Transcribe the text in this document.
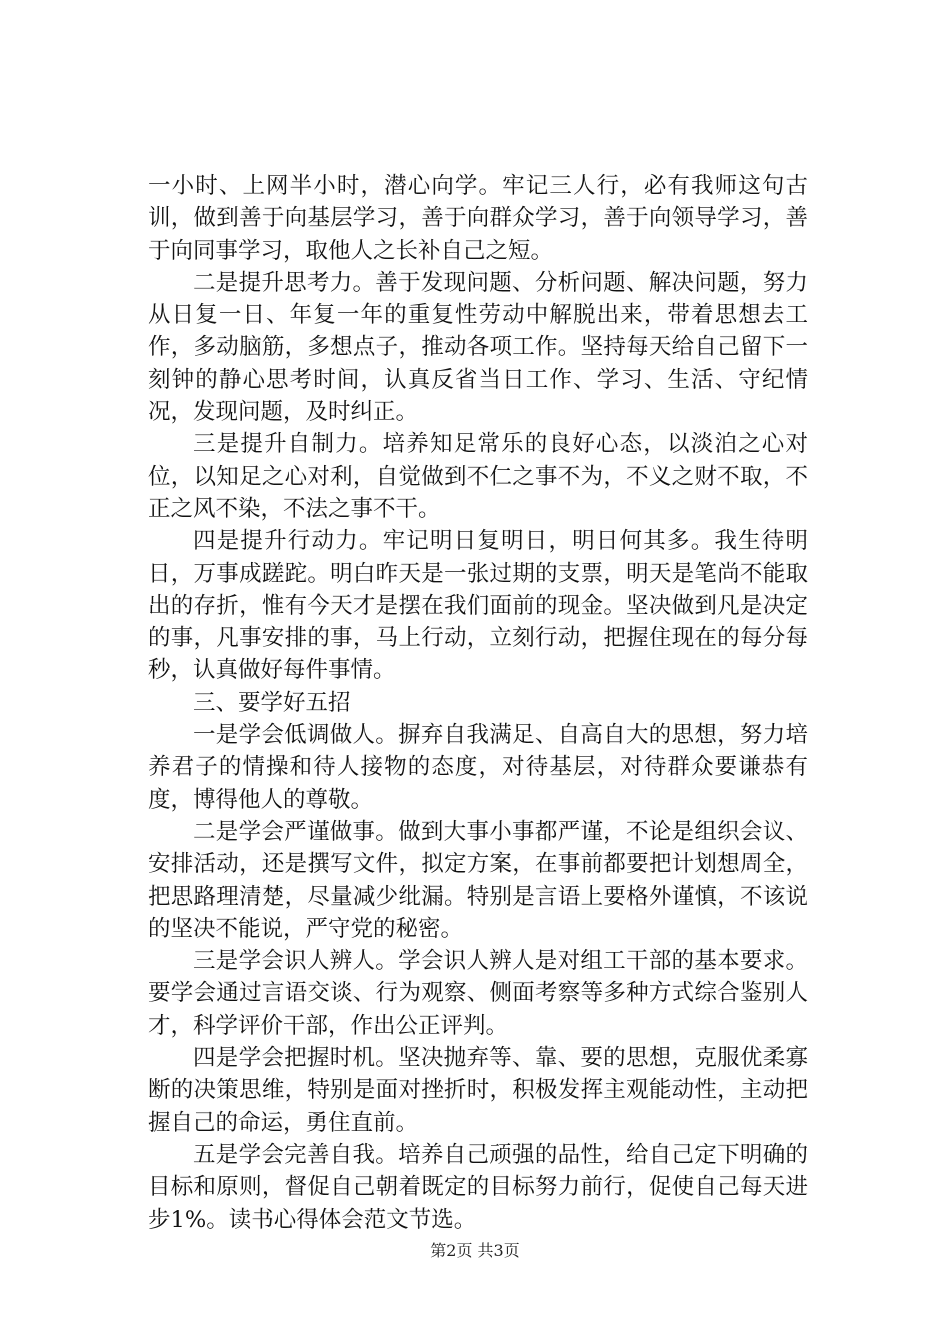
一小时、上网半小时，潜心向学。牢记三人行，必有我师这句古训，做到善于向基层学习，善于向群众学习，善于向领导学习，善于向同事学习，取他人之长补自己之短。

二是提升思考力。善于发现问题、分析问题、解决问题，努力从日复一日、年复一年的重复性劳动中解脱出来，带着思想去工作，多动脑筋，多想点子，推动各项工作。坚持每天给自己留下一刻钟的静心思考时间，认真反省当日工作、学习、生活、守纪情况，发现问题，及时纠正。

三是提升自制力。培养知足常乐的良好心态，以淡泊之心对位，以知足之心对利，自觉做到不仁之事不为，不义之财不取，不正之风不染，不法之事不干。

四是提升行动力。牢记明日复明日，明日何其多。我生待明日，万事成蹉跎。明白昨天是一张过期的支票，明天是笔尚不能取出的存折，惟有今天才是摆在我们面前的现金。坚决做到凡是决定的事，凡事安排的事，马上行动，立刻行动，把握住现在的每分每秒，认真做好每件事情。

三、要学好五招

一是学会低调做人。摒弃自我满足、自高自大的思想，努力培养君子的情操和待人接物的态度，对待基层，对待群众要谦恭有度，博得他人的尊敬。

二是学会严谨做事。做到大事小事都严谨，不论是组织会议、安排活动，还是撰写文件，拟定方案，在事前都要把计划想周全，把思路理清楚，尽量减少纰漏。特别是言语上要格外谨慎，不该说的坚决不能说，严守党的秘密。

三是学会识人辨人。学会识人辨人是对组工干部的基本要求。要学会通过言语交谈、行为观察、侧面考察等多种方式综合鉴别人才，科学评价干部，作出公正评判。

四是学会把握时机。坚决抛弃等、靠、要的思想，克服优柔寡断的决策思维，特别是面对挫折时，积极发挥主观能动性，主动把握自己的命运，勇住直前。

五是学会完善自我。培养自己顽强的品性，给自己定下明确的目标和原则，督促自己朝着既定的目标努力前行，促使自己每天进步1%。读书心得体会范文节选。

第2页 共3页
